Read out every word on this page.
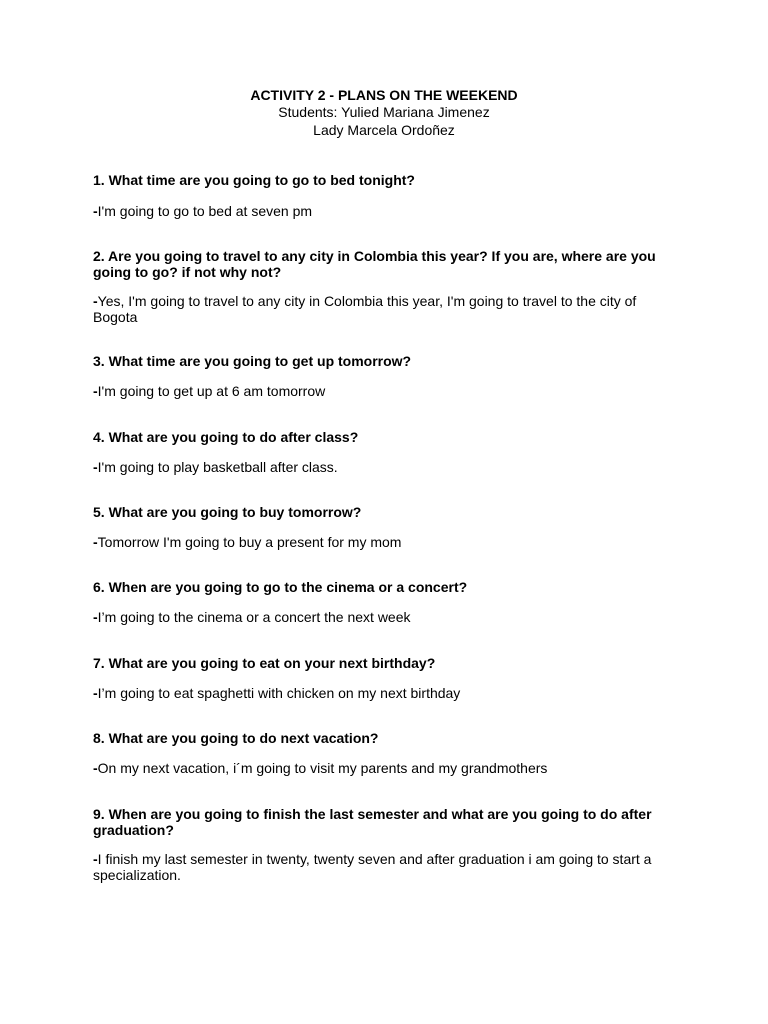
ACTIVITY 2 - PLANS ON THE WEEKEND
Students: Yulied Mariana Jimenez
Lady Marcela Ordoñez
1. What time are you going to go to bed tonight?
-I'm going to go to bed at seven pm
2. Are you going to travel to any city in Colombia this year? If you are, where are you going to go? if not why not?
-Yes, I'm going to travel to any city in Colombia this year, I'm going to travel to the city of Bogota
3. What time are you going to get up tomorrow?
-I'm going to get up at 6 am tomorrow
4. What are you going to do after class?
-I'm going to play basketball after class.
5. What are you going to buy tomorrow?
-Tomorrow I'm going to buy a present for my mom
6. When are you going to go to the cinema or a concert?
-I’m going to the cinema or a concert the next week
7. What are you going to eat on your next birthday?
-I’m going to eat spaghetti with chicken on my next birthday
8. What are you going to do next vacation?
-On my next vacation, i´m going to visit my parents and my grandmothers
9. When are you going to finish the last semester and what are you going to do after graduation?
-I finish my last semester in twenty, twenty seven and after graduation i am going to start a specialization.
